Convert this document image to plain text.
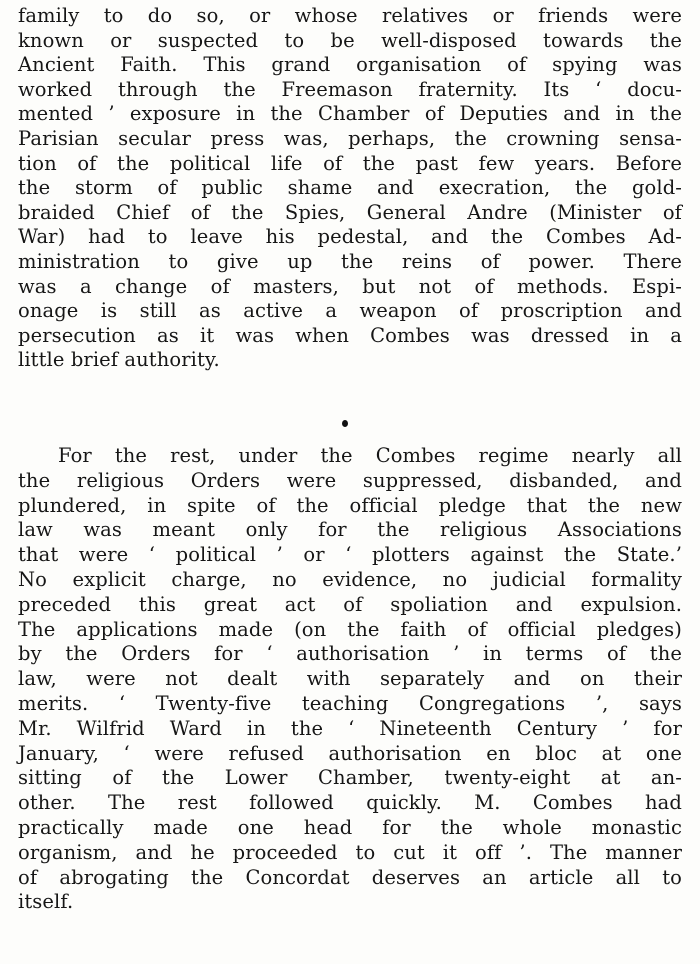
family to do so, or whose relatives or friends were
known or suspected to be well-disposed towards the
Ancient Faith. This grand organisation of spying was
worked through the Freemason fraternity. Its ‘ docu-
mented ’ exposure in the Chamber of Deputies and in the
Parisian secular press was, perhaps, the crowning sensa-
tion of the political life of the past few years. Before
the storm of public shame and execration, the gold-
braided Chief of the Spies, General Andre (Minister of
War) had to leave his pedestal, and the Combes Ad-
ministration to give up the reins of power. There
was a change of masters, but not of methods. Espi-
onage is still as active a weapon of proscription and
persecution as it was when Combes was dressed in a
little brief authority.
For the rest, under the Combes regime nearly all
the religious Orders were suppressed, disbanded, and
plundered, in spite of the official pledge that the new
law was meant only for the religious Associations
that were ‘ political ’ or ‘ plotters against the State.’
No explicit charge, no evidence, no judicial formality
preceded this great act of spoliation and expulsion.
The applications made (on the faith of official pledges)
by the Orders for ‘ authorisation ’ in terms of the
law, were not dealt with separately and on their
merits. ‘ Twenty-five teaching Congregations ’, says
Mr. Wilfrid Ward in the ‘ Nineteenth Century ’ for
January, ‘ were refused authorisation en bloc at one
sitting of the Lower Chamber, twenty-eight at an-
other. The rest followed quickly. M. Combes had
practically made one head for the whole monastic
organism, and he proceeded to cut it off ’. The manner
of abrogating the Concordat deserves an article all to
itself.
